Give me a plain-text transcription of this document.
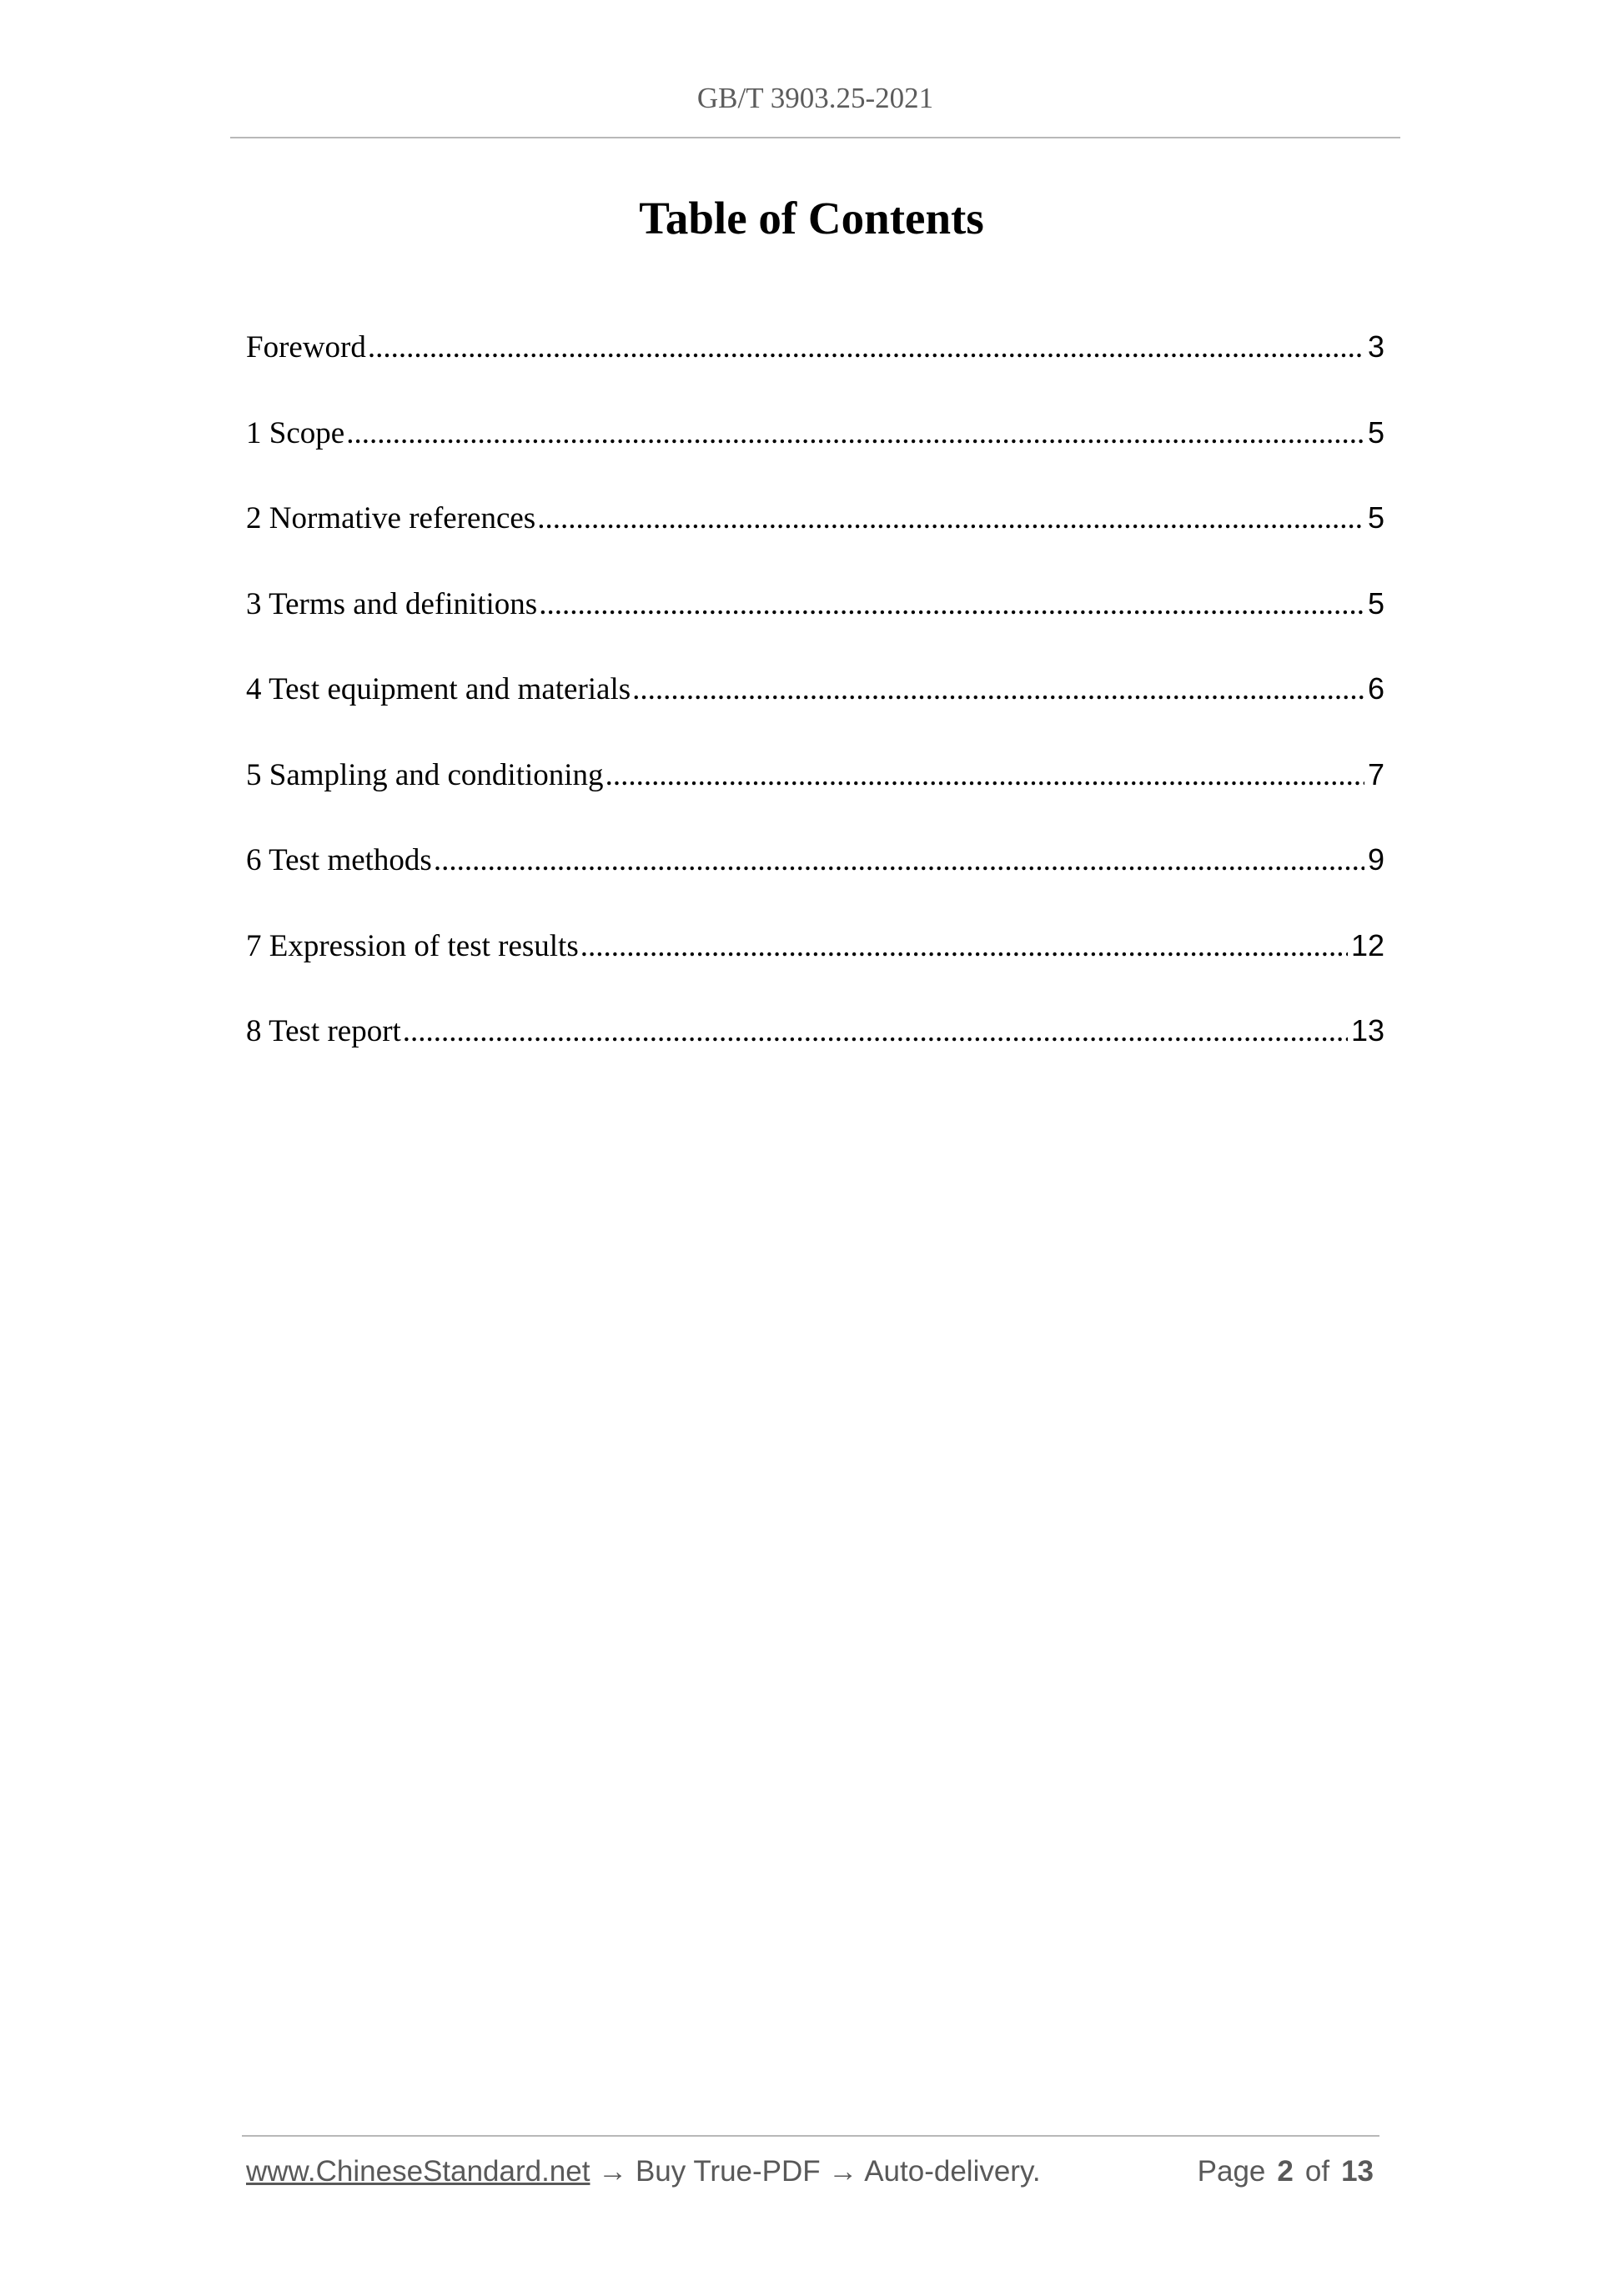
GB/T 3903.25-2021
Table of Contents
Foreword .....	3
1 Scope .....	5
2 Normative references .....	5
3 Terms and definitions .....	5
4 Test equipment and materials .....	6
5 Sampling and conditioning .....	7
6 Test methods .....	9
7 Expression of test results .....	12
8 Test report .....	13
www.ChineseStandard.net → Buy True-PDF → Auto-delivery.	Page 2 of 13
